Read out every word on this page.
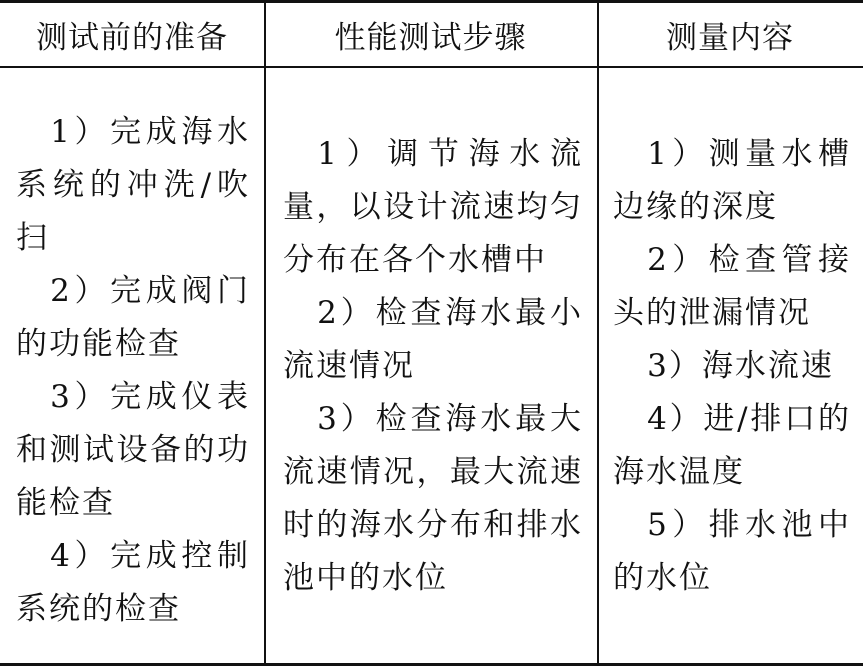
测试前的准备	性能测试步骤	测量内容

1）完成海水系统的冲洗/吹扫

2）完成阀门的功能检查

3）完成仪表和测试设备的功能检查

4）完成控制系统的检查

1）调节海水流量，以设计流速均匀分布在各个水槽中

2）检查海水最小流速情况

3）检查海水最大流速情况，最大流速时的海水分布和排水池中的水位

1）测量水槽边缘的深度

2）检查管接头的泄漏情况

3）海水流速

4）进/排口的海水温度

5）排水池中的水位
